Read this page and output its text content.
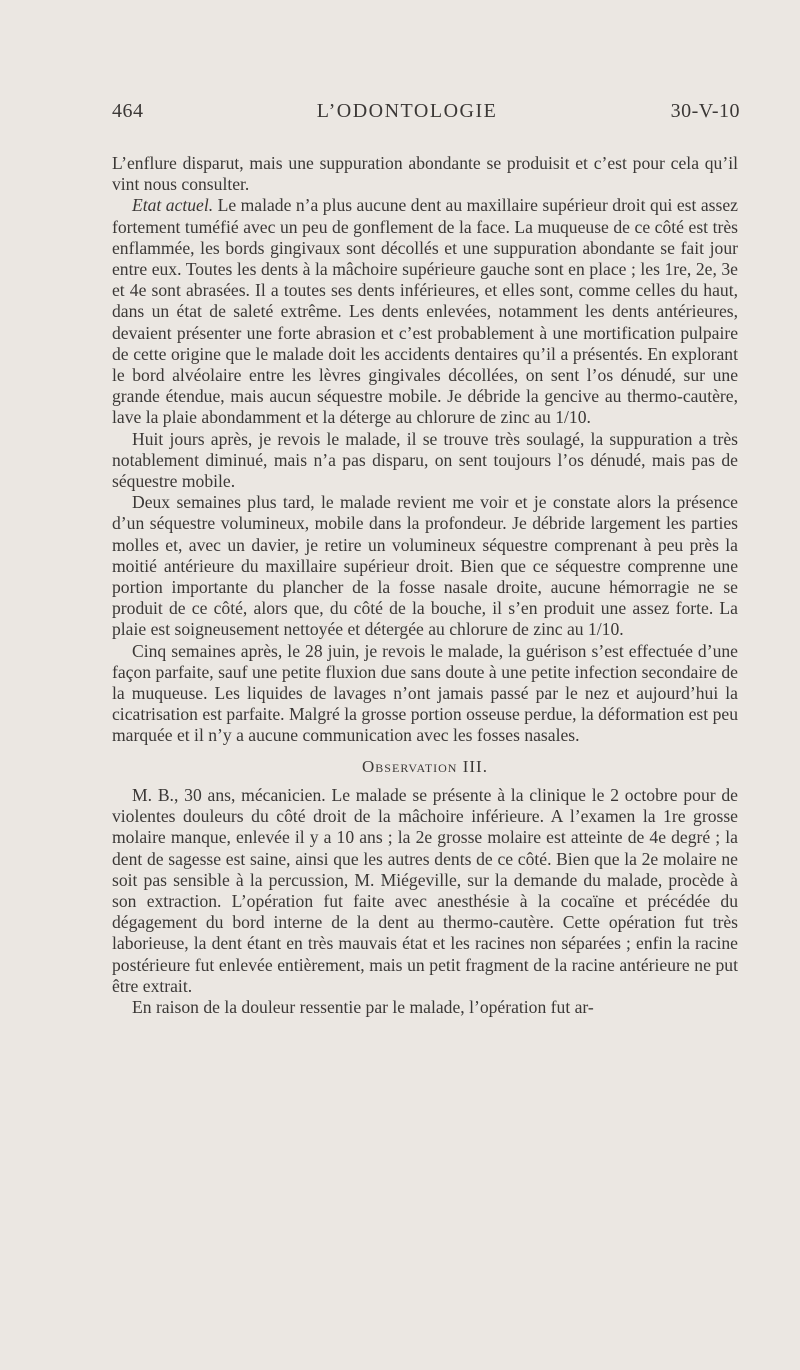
464	L’ODONTOLOGIE	30-V-10

L’enflure disparut, mais une suppuration abondante se produisit et c’est pour cela qu’il vint nous consulter.

Etat actuel. Le malade n’a plus aucune dent au maxillaire supérieur droit qui est assez fortement tuméfié avec un peu de gonflement de la face. La muqueuse de ce côté est très enflammée, les bords gingivaux sont décollés et une suppuration abondante se fait jour entre eux. Toutes les dents à la mâchoire supérieure gauche sont en place ; les 1re, 2e, 3e et 4e sont abrasées. Il a toutes ses dents inférieures, et elles sont, comme celles du haut, dans un état de saleté extrême. Les dents enlevées, notamment les dents antérieures, devaient présenter une forte abrasion et c’est probablement à une mortification pulpaire de cette origine que le malade doit les accidents dentaires qu’il a présentés. En explorant le bord alvéolaire entre les lèvres gingivales décollées, on sent l’os dénudé, sur une grande étendue, mais aucun séquestre mobile. Je débride la gencive au thermo-cautère, lave la plaie abondamment et la déterge au chlorure de zinc au 1/10.

Huit jours après, je revois le malade, il se trouve très soulagé, la suppuration a très notablement diminué, mais n’a pas disparu, on sent toujours l’os dénudé, mais pas de séquestre mobile.

Deux semaines plus tard, le malade revient me voir et je constate alors la présence d’un séquestre volumineux, mobile dans la profondeur. Je débride largement les parties molles et, avec un davier, je retire un volumineux séquestre comprenant à peu près la moitié antérieure du maxillaire supérieur droit. Bien que ce séquestre comprenne une portion importante du plancher de la fosse nasale droite, aucune hémorragie ne se produit de ce côté, alors que, du côté de la bouche, il s’en produit une assez forte. La plaie est soigneusement nettoyée et détergée au chlorure de zinc au 1/10.

Cinq semaines après, le 28 juin, je revois le malade, la guérison s’est effectuée d’une façon parfaite, sauf une petite fluxion due sans doute à une petite infection secondaire de la muqueuse. Les liquides de lavages n’ont jamais passé par le nez et aujourd’hui la cicatrisation est parfaite. Malgré la grosse portion osseuse perdue, la déformation est peu marquée et il n’y a aucune communication avec les fosses nasales.

Observation III.

M. B., 30 ans, mécanicien. Le malade se présente à la clinique le 2 octobre pour de violentes douleurs du côté droit de la mâchoire inférieure. A l’examen la 1re grosse molaire manque, enlevée il y a 10 ans ; la 2e grosse molaire est atteinte de 4e degré ; la dent de sagesse est saine, ainsi que les autres dents de ce côté. Bien que la 2e molaire ne soit pas sensible à la percussion, M. Miégeville, sur la demande du malade, procède à son extraction. L’opération fut faite avec anesthésie à la cocaïne et précédée du dégagement du bord interne de la dent au thermo-cautère. Cette opération fut très laborieuse, la dent étant en très mauvais état et les racines non séparées ; enfin la racine postérieure fut enlevée entièrement, mais un petit fragment de la racine antérieure ne put être extrait.

En raison de la douleur ressentie par le malade, l’opération fut ar-
